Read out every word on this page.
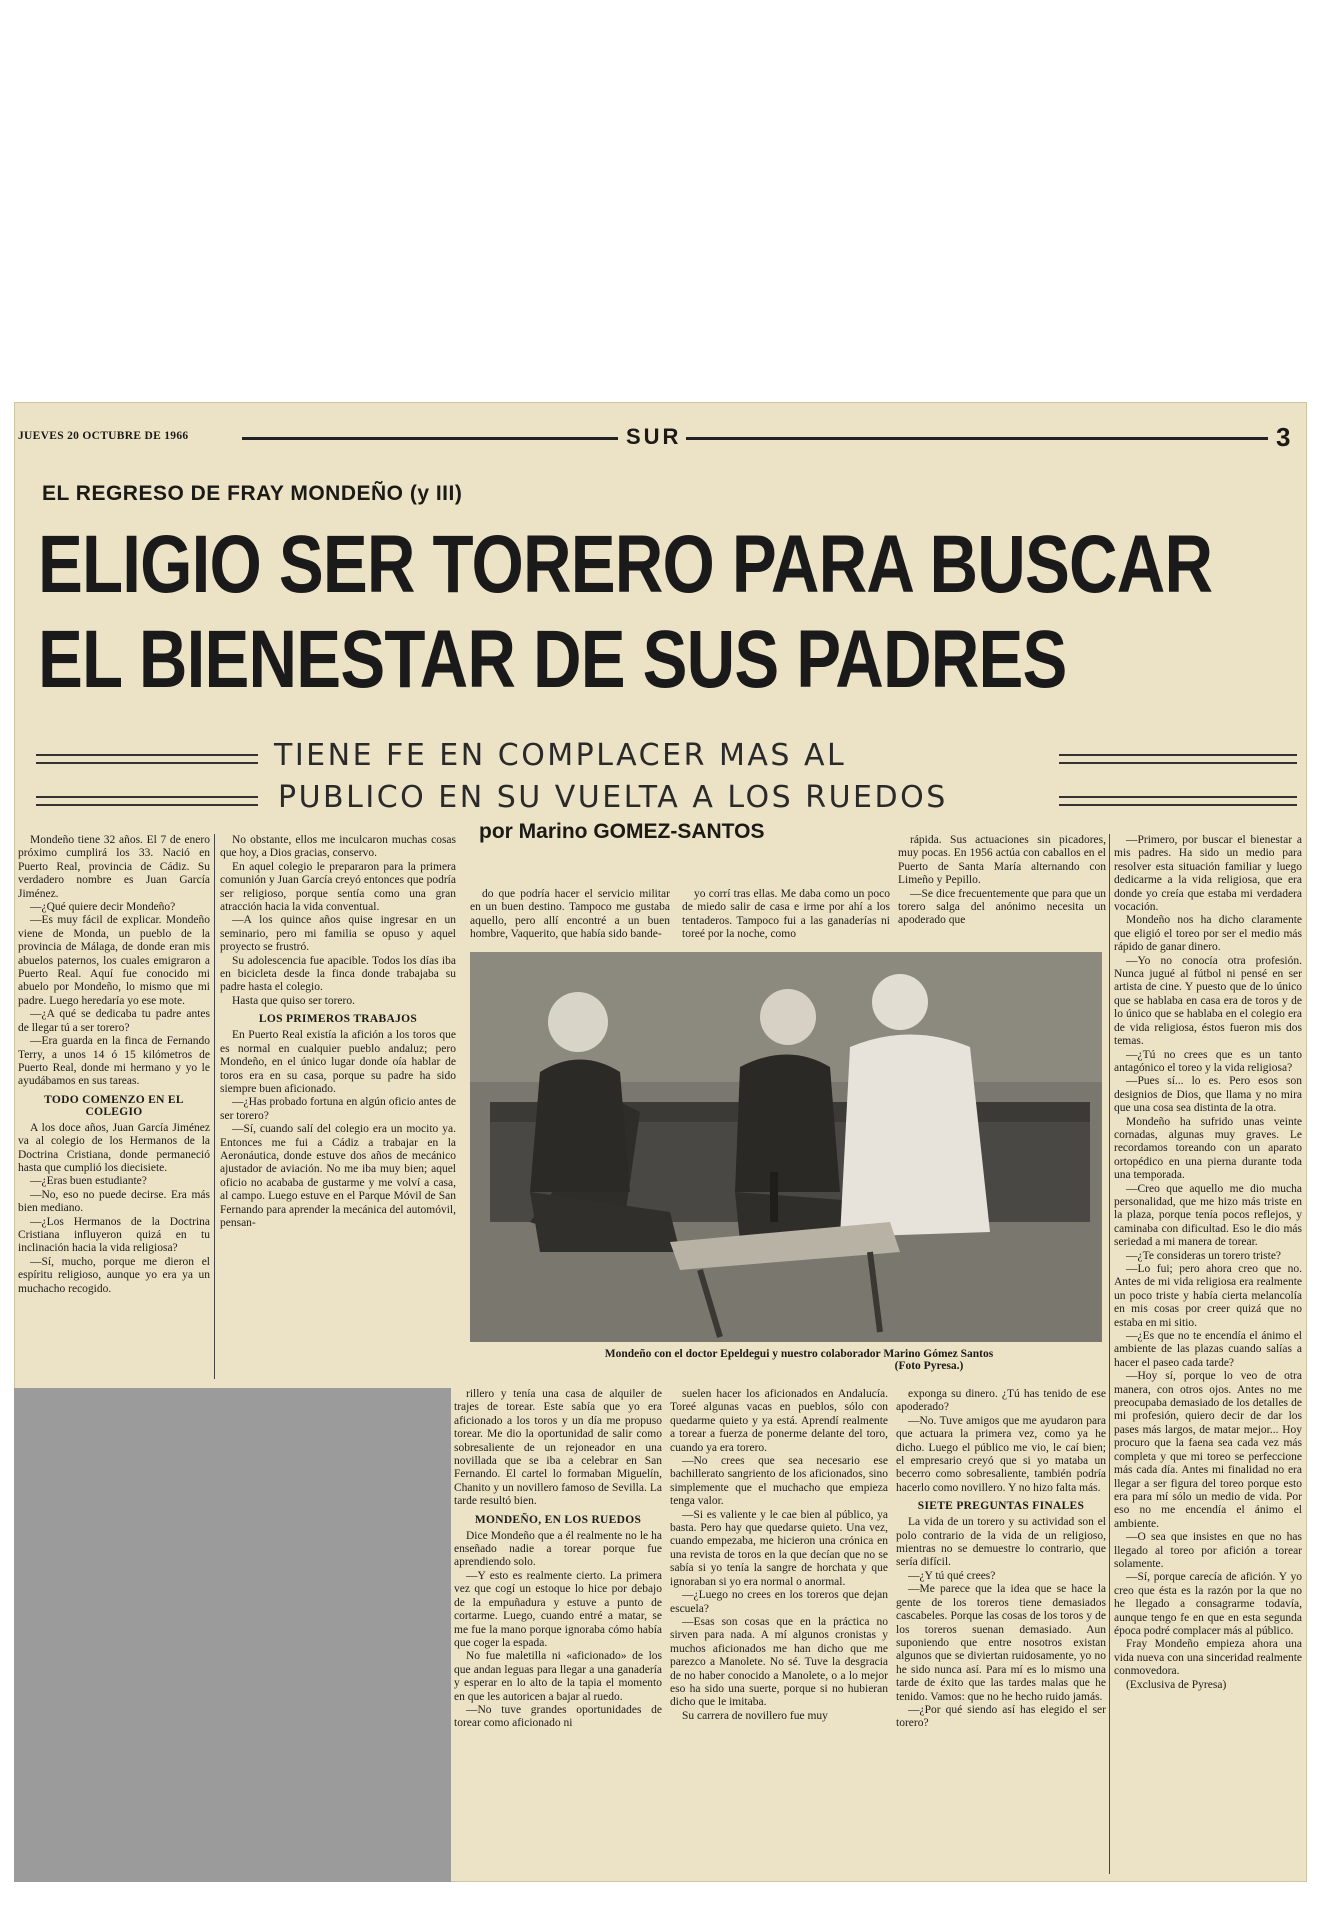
JUEVES 20 OCTUBRE DE 1966	SUR	3
EL REGRESO DE FRAY MONDEÑO (y III)
ELIGIO SER TORERO PARA BUSCAR
EL BIENESTAR DE SUS PADRES
TIENE FE EN COMPLACER MAS AL
PUBLICO EN SU VUELTA A LOS RUEDOS
por Marino GOMEZ-SANTOS

Mondeño tiene 32 años. El 7 de enero próximo cumplirá los 33. Nació en Puerto Real, provincia de Cádiz. Su verdadero nombre es Juan García Jiménez.

—¿Qué quiere decir Mondeño?

—Es muy fácil de explicar. Mondeño viene de Monda, un pueblo de la provincia de Málaga, de donde eran mis abuelos paternos, los cuales emigraron a Puerto Real. Aquí fue conocido mi abuelo por Mondeño, lo mismo que mi padre. Luego heredaría yo ese mote.

—¿A qué se dedicaba tu padre antes de llegar tú a ser torero?

—Era guarda en la finca de Fernando Terry, a unos 14 ó 15 kilómetros de Puerto Real, donde mi hermano y yo le ayudábamos en sus tareas.

TODO COMENZO EN EL COLEGIO

A los doce años, Juan García Jiménez va al colegio de los Hermanos de la Doctrina Cristiana, donde permaneció hasta que cumplió los diecisiete.

—¿Eras buen estudiante?

—No, eso no puede decirse. Era más bien mediano.

—¿Los Hermanos de la Doctrina Cristiana influyeron quizá en tu inclinación hacia la vida religiosa?

—Sí, mucho, porque me dieron el espíritu religioso, aunque yo era ya un muchacho recogido.

No obstante, ellos me inculcaron muchas cosas que hoy, a Dios gracias, conservo.

En aquel colegio le prepararon para la primera comunión y Juan García creyó entonces que podría ser religioso, porque sentía como una gran atracción hacia la vida conventual.

—A los quince años quise ingresar en un seminario, pero mi familia se opuso y aquel proyecto se frustró.

Su adolescencia fue apacible. Todos los días iba en bicicleta desde la finca donde trabajaba su padre hasta el colegio.

Hasta que quiso ser torero.

LOS PRIMEROS TRABAJOS

En Puerto Real existía la afición a los toros que es normal en cualquier pueblo andaluz; pero Mondeño, en el único lugar donde oía hablar de toros era en su casa, porque su padre ha sido siempre buen aficionado.

—¿Has probado fortuna en algún oficio antes de ser torero?

—Sí, cuando salí del colegio era un mocito ya. Entonces me fui a Cádiz a trabajar en la Aeronáutica, donde estuve dos años de mecánico ajustador de aviación. No me iba muy bien; aquel oficio no acababa de gustarme y me volví a casa, al campo. Luego estuve en el Parque Móvil de San Fernando para aprender la mecánica del automóvil, pensan-

do que podría hacer el servicio militar en un buen destino. Tampoco me gustaba aquello, pero allí encontré a un buen hombre, Vaquerito, que había sido bande-

yo corrí tras ellas. Me daba como un poco de miedo salir de casa e irme por ahí a los tentaderos. Tampoco fui a las ganaderías ni toreé por la noche, como

rápida. Sus actuaciones sin picadores, muy pocas. En 1956 actúa con caballos en el Puerto de Santa María alternando con Limeño y Pepillo.

—Se dice frecuentemente que para que un torero salga del anónimo necesita un apoderado que

—Primero, por buscar el bienestar a mis padres. Ha sido un medio para resolver esta situación familiar y luego dedicarme a la vida religiosa, que era donde yo creía que estaba mi verdadera vocación.

Mondeño nos ha dicho claramente que eligió el toreo por ser el medio más rápido de ganar dinero.

—Yo no conocía otra profesión. Nunca jugué al fútbol ni pensé en ser artista de cine. Y puesto que de lo único que se hablaba en casa era de toros y de lo único que se hablaba en el colegio era de vida religiosa, éstos fueron mis dos temas.

—¿Tú no crees que es un tanto antagónico el toreo y la vida religiosa?

—Pues sí... lo es. Pero esos son designios de Dios, que llama y no mira que una cosa sea distinta de la otra.

Mondeño ha sufrido unas veinte cornadas, algunas muy graves. Le recordamos toreando con un aparato ortopédico en una pierna durante toda una temporada.

—Creo que aquello me dio mucha personalidad, que me hizo más triste en la plaza, porque tenía pocos reflejos, y caminaba con dificultad. Eso le dio más seriedad a mi manera de torear.

—¿Te consideras un torero triste?

—Lo fui; pero ahora creo que no. Antes de mi vida religiosa era realmente un poco triste y había cierta melancolía en mis cosas por creer quizá que no estaba en mi sitio.

—¿Es que no te encendía el ánimo el ambiente de las plazas cuando salías a hacer el paseo cada tarde?

—Hoy sí, porque lo veo de otra manera, con otros ojos. Antes no me preocupaba demasiado de los detalles de mi profesión, quiero decir de dar los pases más largos, de matar mejor... Hoy procuro que la faena sea cada vez más completa y que mi toreo se perfeccione más cada día. Antes mi finalidad no era llegar a ser figura del toreo porque esto era para mí sólo un medio de vida. Por eso no me encendía el ánimo el ambiente.

—O sea que insistes en que no has llegado al toreo por afición a torear solamente.

—Sí, porque carecía de afición. Y yo creo que ésta es la razón por la que no he llegado a consagrarme todavía, aunque tengo fe en que en esta segunda época podré complacer más al público.

Fray Mondeño empieza ahora una vida nueva con una sinceridad realmente conmovedora.

(Exclusiva de Pyresa)

Mondeño con el doctor Epeldegui y nuestro colaborador Marino Gómez Santos
(Foto Pyresa.)

rillero y tenía una casa de alquiler de trajes de torear. Este sabía que yo era aficionado a los toros y un día me propuso torear. Me dio la oportunidad de salir como sobresaliente de un rejoneador en una novillada que se iba a celebrar en San Fernando. El cartel lo formaban Miguelín, Chanito y un novillero famoso de Sevilla. La tarde resultó bien.

MONDEÑO, EN LOS RUEDOS

Dice Mondeño que a él realmente no le ha enseñado nadie a torear porque fue aprendiendo solo.

—Y esto es realmente cierto. La primera vez que cogí un estoque lo hice por debajo de la empuñadura y estuve a punto de cortarme. Luego, cuando entré a matar, se me fue la mano porque ignoraba cómo había que coger la espada.

No fue maletilla ni «aficionado» de los que andan leguas para llegar a una ganadería y esperar en lo alto de la tapia el momento en que les autoricen a bajar al ruedo.

—No tuve grandes oportunidades de torear como aficionado ni

suelen hacer los aficionados en Andalucía. Toreé algunas vacas en pueblos, sólo con quedarme quieto y ya está. Aprendí realmente a torear a fuerza de ponerme delante del toro, cuando ya era torero.

—No crees que sea necesario ese bachillerato sangriento de los aficionados, sino simplemente que el muchacho que empieza tenga valor.

—Si es valiente y le cae bien al público, ya basta. Pero hay que quedarse quieto. Una vez, cuando empezaba, me hicieron una crónica en una revista de toros en la que decían que no se sabía si yo tenía la sangre de horchata y que ignoraban si yo era normal o anormal.

—¿Luego no crees en los toreros que dejan escuela?

—Esas son cosas que en la práctica no sirven para nada. A mí algunos cronistas y muchos aficionados me han dicho que me parezco a Manolete. No sé. Tuve la desgracia de no haber conocido a Manolete, o a lo mejor eso ha sido una suerte, porque si no hubieran dicho que le imitaba.

Su carrera de novillero fue muy

exponga su dinero. ¿Tú has tenido de ese apoderado?

—No. Tuve amigos que me ayudaron para que actuara la primera vez, como ya he dicho. Luego el público me vio, le caí bien; el empresario creyó que si yo mataba un becerro como sobresaliente, también podría hacerlo como novillero. Y no hizo falta más.

SIETE PREGUNTAS FINALES

La vida de un torero y su actividad son el polo contrario de la vida de un religioso, mientras no se demuestre lo contrario, que sería difícil.

—¿Y tú qué crees?

—Me parece que la idea que se hace la gente de los toreros tiene demasiados cascabeles. Porque las cosas de los toros y de los toreros suenan demasiado. Aun suponiendo que entre nosotros existan algunos que se diviertan ruidosamente, yo no he sido nunca así. Para mí es lo mismo una tarde de éxito que las tardes malas que he tenido. Vamos: que no he hecho ruido jamás.

—¿Por qué siendo así has elegido el ser torero?
